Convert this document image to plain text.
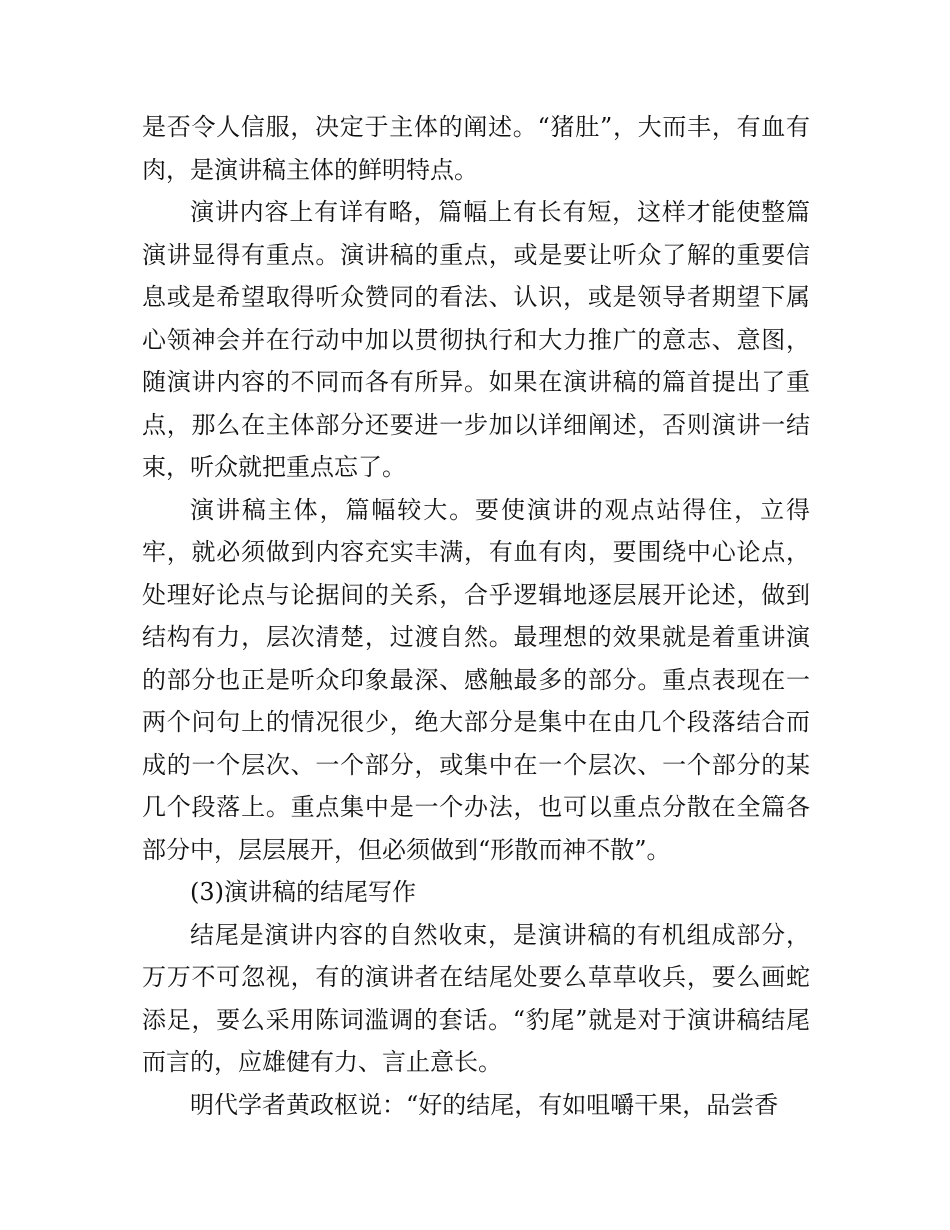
是否令人信服，决定于主体的阐述。“猪肚”，大而丰，有血有肉，是演讲稿主体的鲜明特点。

演讲内容上有详有略，篇幅上有长有短，这样才能使整篇演讲显得有重点。演讲稿的重点，或是要让听众了解的重要信息或是希望取得听众赞同的看法、认识，或是领导者期望下属心领神会并在行动中加以贯彻执行和大力推广的意志、意图，随演讲内容的不同而各有所异。如果在演讲稿的篇首提出了重点，那么在主体部分还要进一步加以详细阐述，否则演讲一结束，听众就把重点忘了。

演讲稿主体，篇幅较大。要使演讲的观点站得住，立得牢，就必须做到内容充实丰满，有血有肉，要围绕中心论点，处理好论点与论据间的关系，合乎逻辑地逐层展开论述，做到结构有力，层次清楚，过渡自然。最理想的效果就是着重讲演的部分也正是听众印象最深、感触最多的部分。重点表现在一两个问句上的情况很少，绝大部分是集中在由几个段落结合而成的一个层次、一个部分，或集中在一个层次、一个部分的某几个段落上。重点集中是一个办法，也可以重点分散在全篇各部分中，层层展开，但必须做到“形散而神不散”。

(3)演讲稿的结尾写作

结尾是演讲内容的自然收束，是演讲稿的有机组成部分，万万不可忽视，有的演讲者在结尾处要么草草收兵，要么画蛇添足，要么采用陈词滥调的套话。“豹尾”就是对于演讲稿结尾而言的，应雄健有力、言止意长。

明代学者黄政枢说：“好的结尾，有如咀嚼干果，品尝香
